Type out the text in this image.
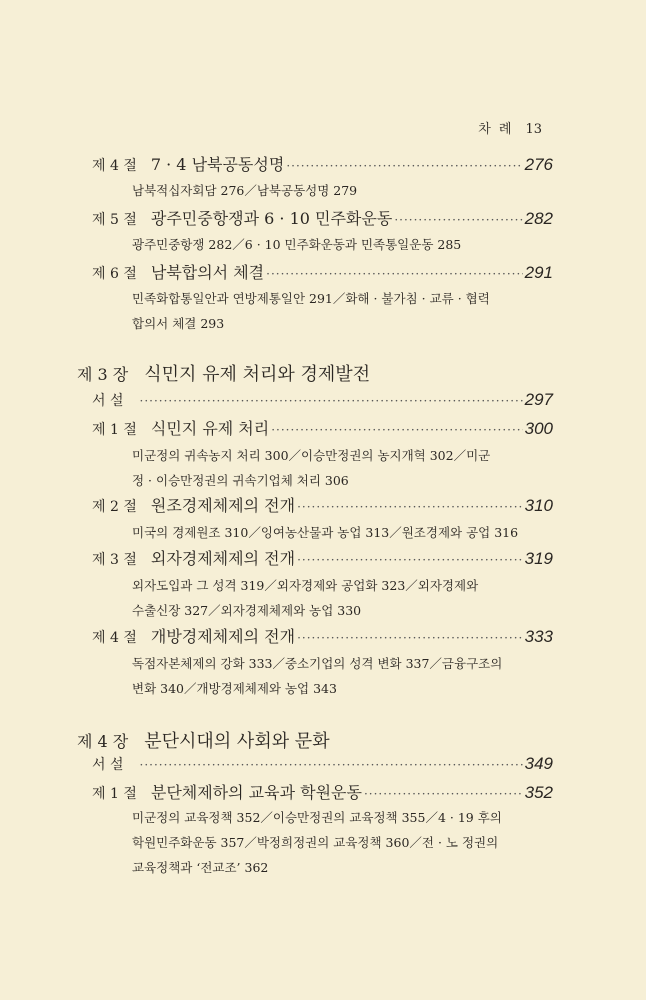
차 례 13
제 4 절 7 · 4 남북공동성명 ·····	276
남북적십자회담 276／남북공동성명 279
제 5 절 광주민중항쟁과 6 · 10 민주화운동 ·····	282
광주민중항쟁 282／6 · 10 민주화운동과 민족통일운동 285
제 6 절 남북합의서 체결 ·····	291
민족화합통일안과 연방제통일안 291／화해 · 불가침 · 교류 · 협력
합의서 체결 293
제 3 장 식민지 유제 처리와 경제발전
서 설 ·····	297
제 1 절 식민지 유제 처리 ·····	300
미군정의 귀속농지 처리 300／이승만정권의 농지개혁 302／미군
정 · 이승만정권의 귀속기업체 처리 306
제 2 절 원조경제체제의 전개 ·····	310
미국의 경제원조 310／잉여농산물과 농업 313／원조경제와 공업 316
제 3 절 외자경제체제의 전개 ·····	319
외자도입과 그 성격 319／외자경제와 공업화 323／외자경제와
수출신장 327／외자경제체제와 농업 330
제 4 절 개방경제체제의 전개 ·····	333
독점자본체제의 강화 333／중소기업의 성격 변화 337／금융구조의
변화 340／개방경제체제와 농업 343
제 4 장 분단시대의 사회와 문화
서 설 ·····	349
제 1 절 분단체제하의 교육과 학원운동 ·····	352
미군정의 교육정책 352／이승만정권의 교육정책 355／4 · 19 후의
학원민주화운동 357／박정희정권의 교육정책 360／전 · 노 정권의
교육정책과 ‘전교조’ 362
